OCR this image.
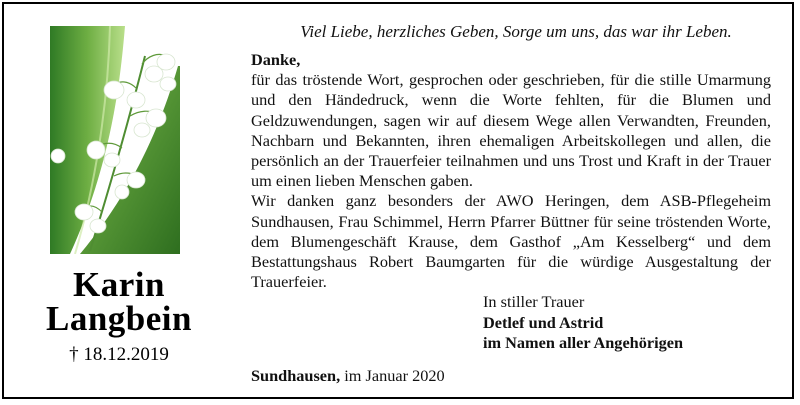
Karin
Langbein
† 18.12.2019
Viel Liebe, herzliches Geben, Sorge um uns, das war ihr Leben.

Danke,

für das tröstende Wort, gesprochen oder geschrieben, für die stille Umarmung und den Händedruck, wenn die Worte fehlten, für die Blumen und Geldzuwendungen, sagen wir auf diesem Wege allen Verwandten, Freunden, Nachbarn und Bekannten, ihren ehemaligen Arbeitskollegen und allen, die persönlich an der Trauerfeier teilnahmen und uns Trost und Kraft in der Trauer um einen lieben Menschen gaben.

Wir danken ganz besonders der AWO Heringen, dem ASB-Pflegeheim Sundhausen, Frau Schimmel, Herrn Pfarrer Büttner für seine tröstenden Worte, dem Blumengeschäft Krause, dem Gasthof „Am Kesselberg“ und dem Bestattungshaus Robert Baumgarten für die würdige Ausgestaltung der Trauerfeier.

In stiller Trauer
Detlef und Astrid
im Namen aller Angehörigen
Sundhausen, im Januar 2020
